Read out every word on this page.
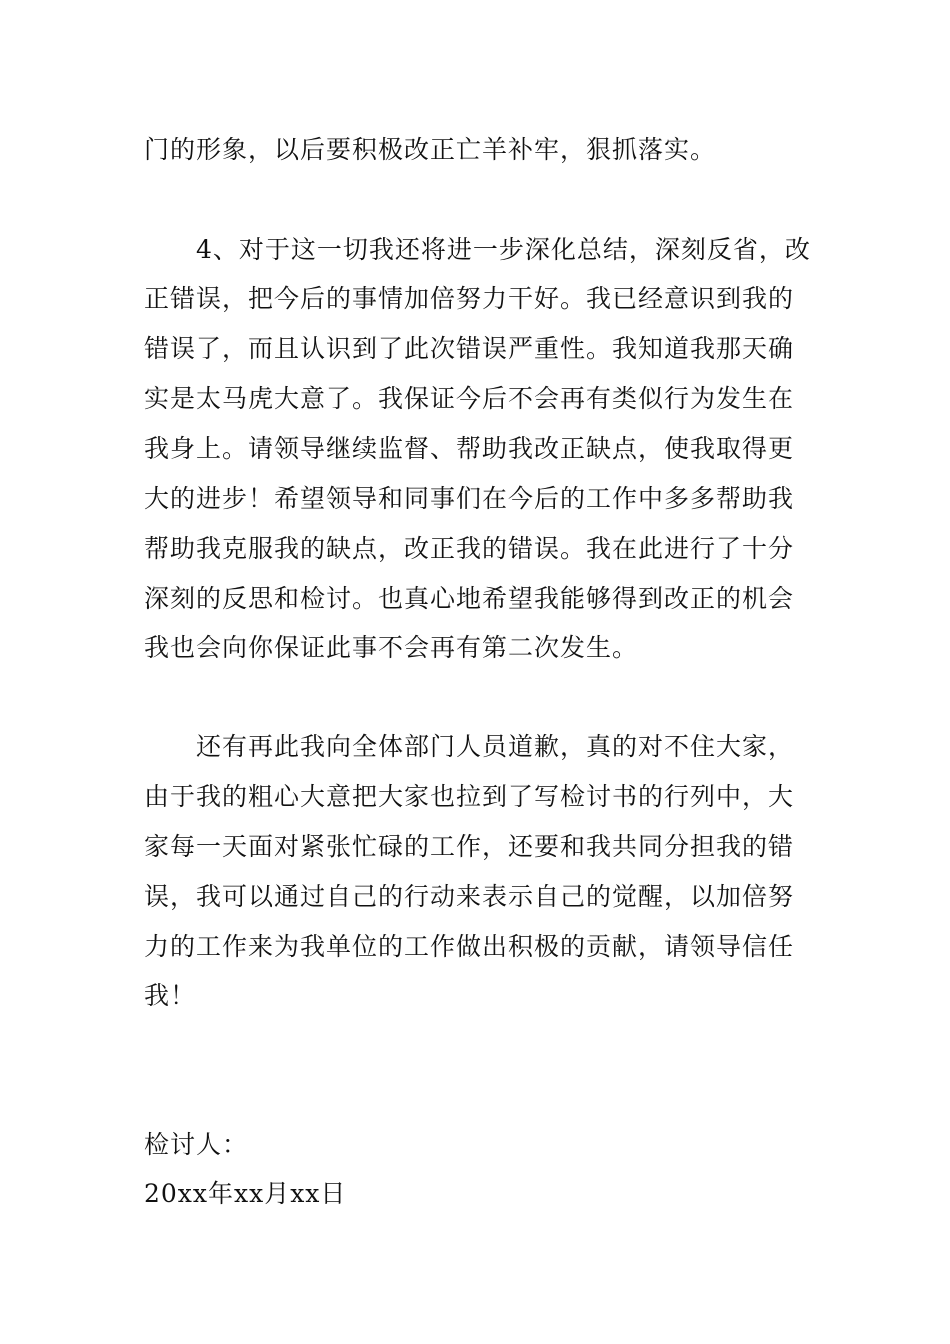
门的形象，以后要积极改正亡羊补牢，狠抓落实。
4、对于这一切我还将进一步深化总结，深刻反省，改
正错误，把今后的事情加倍努力干好。我已经意识到我的
错误了，而且认识到了此次错误严重性。我知道我那天确
实是太马虎大意了。我保证今后不会再有类似行为发生在
我身上。请领导继续监督、帮助我改正缺点，使我取得更
大的进步！希望领导和同事们在今后的工作中多多帮助我
帮助我克服我的缺点，改正我的错误。我在此进行了十分
深刻的反思和检讨。也真心地希望我能够得到改正的机会
我也会向你保证此事不会再有第二次发生。
还有再此我向全体部门人员道歉，真的对不住大家，
由于我的粗心大意把大家也拉到了写检讨书的行列中，大
家每一天面对紧张忙碌的工作，还要和我共同分担我的错
误，我可以通过自己的行动来表示自己的觉醒，以加倍努
力的工作来为我单位的工作做出积极的贡献，请领导信任
我！
检讨人：
20xx年xx月xx日
